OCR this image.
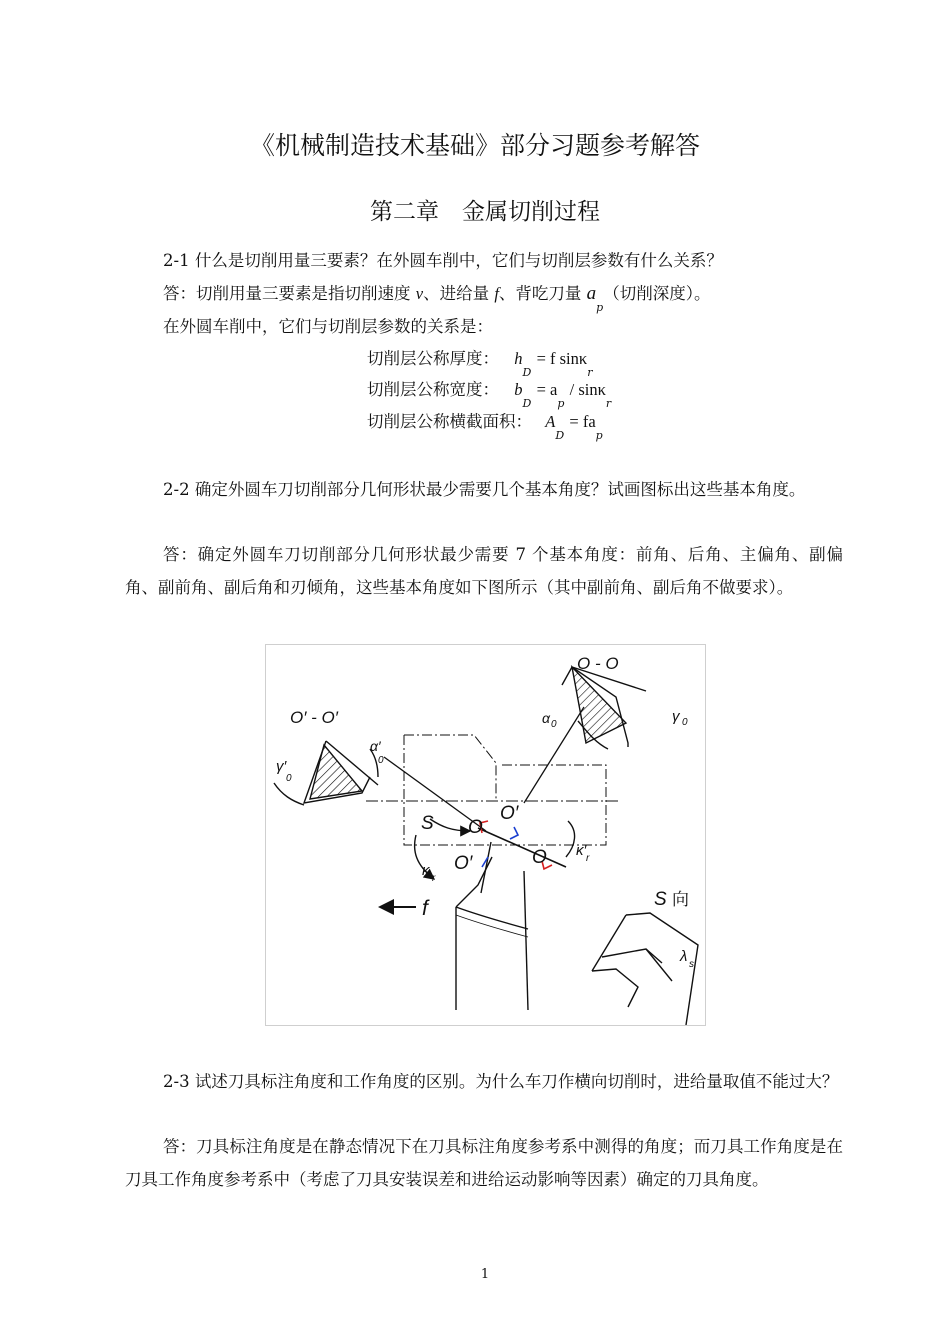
《机械制造技术基础》部分习题参考解答
第二章　金属切削过程
2-1 什么是切削用量三要素？在外圆车削中，它们与切削层参数有什么关系？
答：切削用量三要素是指切削速度 v、进给量 f、背吃刀量 $a_p$（切削深度）。
在外圆车削中，它们与切削层参数的关系是：
切削层公称厚度： $h_D = f$ sinκ$_r$
切削层公称宽度： $b_D = a_p / \sin\kappa_r$
切削层公称横截面积： $A_D = fa_p$
2-2 确定外圆车刀切削部分几何形状最少需要几个基本角度？试画图标出这些基本角度。
答：确定外圆车刀切削部分几何形状最少需要 7 个基本角度：前角、后角、主偏角、副偏角、副前角、副后角和刃倾角，这些基本角度如下图所示（其中副前角、副后角不做要求）。
O - O
O′ - O′	α 0	γ 0
α′
0
γ′
0
S O
O′
O′	O
κ r
κ′ r
f	S 向
λ s
2-3 试述刀具标注角度和工作角度的区别。为什么车刀作横向切削时，进给量取值不能过大？
答：刀具标注角度是在静态情况下在刀具标注角度参考系中测得的角度；而刀具工作角度是在刀具工作角度参考系中（考虑了刀具安装误差和进给运动影响等因素）确定的刀具角度。
1
